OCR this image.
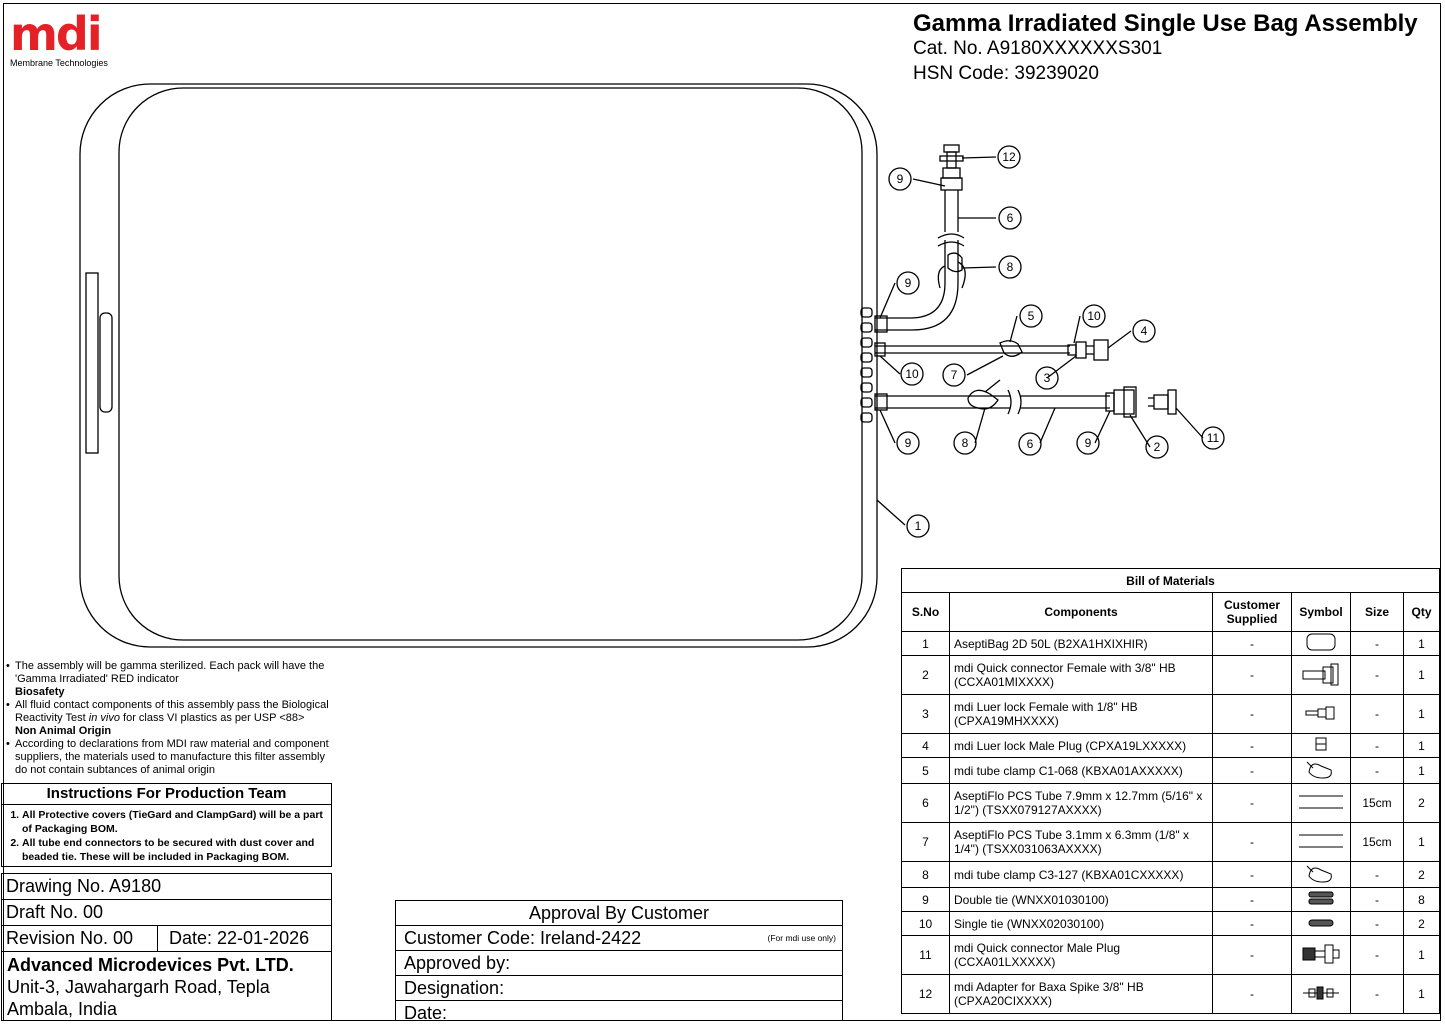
mdi
Membrane Technologies
Gamma Irradiated Single Use Bag Assembly
Cat. No. A9180XXXXXXS301
HSN Code: 39239020
1
2
3
4
5
6
6
7
8
8
9
9
9	9
10
10
11
12
• The assembly will be gamma sterilized. Each pack will have the
'Gamma Irradiated' RED indicator
Biosafety
• All fluid contact components of this assembly pass the Biological
Reactivity Test in vivo for class VI plastics as per USP <88>
Non Animal Origin
• According to declarations from MDI raw material and component
suppliers, the materials used to manufacture this filter assembly
do not contain subtances of animal origin
Instructions For Production Team
1. All Protective covers (TieGard and ClampGard) will be a part of Packaging BOM.
2. All tube end connectors to be secured with dust cover and beaded tie. These will be included in Packaging BOM.
Drawing No. A9180
Draft No. 00
Revision No. 00	Date: 22-01-2026
Advanced Microdevices Pvt. LTD.
Unit-3, Jawahargarh Road, Tepla
Ambala, India
Approval By Customer
Customer Code: Ireland-2422	(For mdi use only)
Approved by:
Designation:
Date:
Bill of Materials					
S.No	Components	Customer Supplied	Symbol	Size	Qty
1	AseptiBag 2D 50L (B2XA1HXIXHIR)	-		-	1
2	mdi Quick connector Female with 3/8" HB (CCXA01MIXXXX)	-		-	1
3	mdi Luer lock Female with 1/8" HB (CPXA19MHXXXX)	-		-	1
4	mdi Luer lock Male Plug (CPXA19LXXXXX)	-		-	1
5	mdi tube clamp C1-068 (KBXA01AXXXXX)	-		-	1
6	AseptiFlo PCS Tube 7.9mm x 12.7mm (5/16" x 1/2") (TSXX079127AXXXX)	-		15cm	2
7	AseptiFlo PCS Tube 3.1mm x 6.3mm (1/8" x 1/4") (TSXX031063AXXXX)	-		15cm	1
8	mdi tube clamp C3-127 (KBXA01CXXXXX)	-		-	2
9	Double tie (WNXX01030100)	-		-	8
10	Single tie (WNXX02030100)	-		-	2
11	mdi Quick connector Male Plug (CCXA01LXXXXX)	-		-	1
12	mdi Adapter for Baxa Spike 3/8" HB (CPXA20CIXXXX)	-		-	1
